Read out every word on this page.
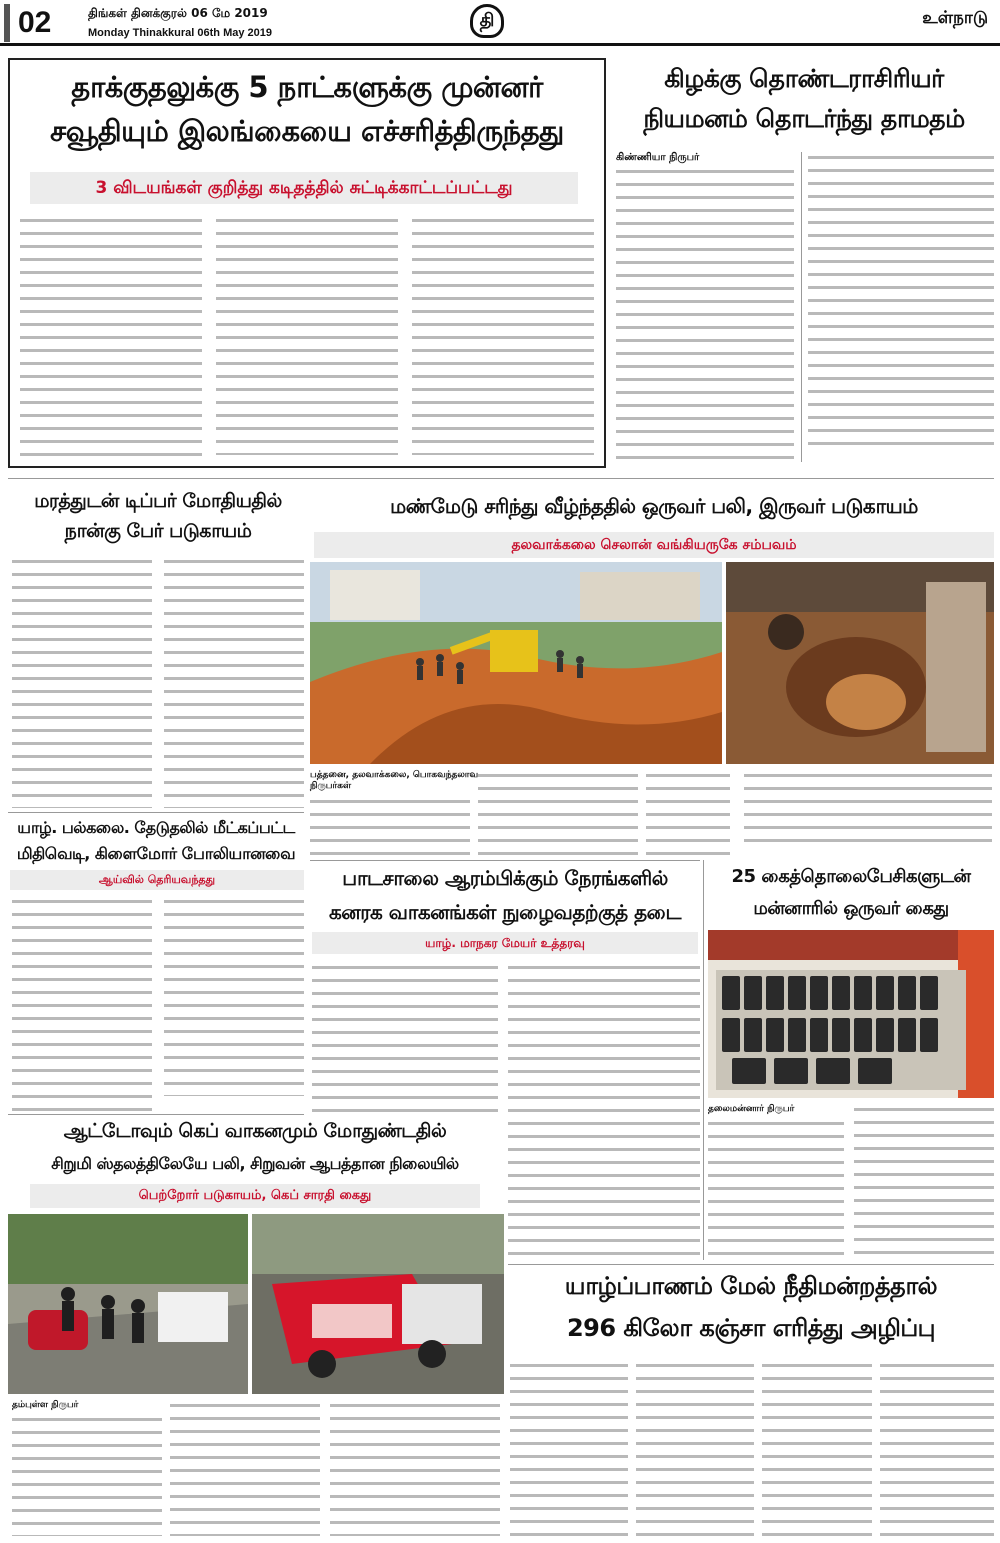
02	திங்கள் தினக்குரல் 06 மே 2019
Monday Thinakkural 06th May 2019
தி	உள்நாடு
தாக்குதலுக்கு 5 நாட்களுக்கு முன்னர்
சவூதியும் இலங்கையை எச்சரித்திருந்தது
3 விடயங்கள் குறித்து கடிதத்தில் சுட்டிக்காட்டப்பட்டது
கிழக்கு தொண்டராசிரியர்
நியமனம் தொடர்ந்து தாமதம்
கிண்ணியா நிருபர்
மரத்துடன் டிப்பர் மோதியதில்
நான்கு பேர் படுகாயம்
மண்மேடு சரிந்து வீழ்ந்ததில் ஒருவர் பலி, இருவர் படுகாயம்
தலவாக்கலை செலான் வங்கியருகே சம்பவம்
பத்தனை, தலவாக்கலை, பொகவந்தலாவ நிருபர்கள்
யாழ். பல்கலை. தேடுதலில் மீட்கப்பட்ட
மிதிவெடி, கிளைமோர் போலியானவை
ஆய்வில் தெரியவந்தது	பாடசாலை ஆரம்பிக்கும் நேரங்களில்
கனரக வாகனங்கள் நுழைவதற்குத் தடை
யாழ். மாநகர மேயர் உத்தரவு
25 கைத்தொலைபேசிகளுடன்
மன்னாரில் ஒருவர் கைது
தலைமன்னார் நிருபர்
ஆட்டோவும் கெப் வாகனமும் மோதுண்டதில்
சிறுமி ஸ்தலத்திலேயே பலி, சிறுவன் ஆபத்தான நிலையில்
பெற்றோர் படுகாயம், கெப் சாரதி கைது
தம்புள்ள நிருபர்
யாழ்ப்பாணம் மேல் நீதிமன்றத்தால்
296 கிலோ கஞ்சா எரித்து அழிப்பு
